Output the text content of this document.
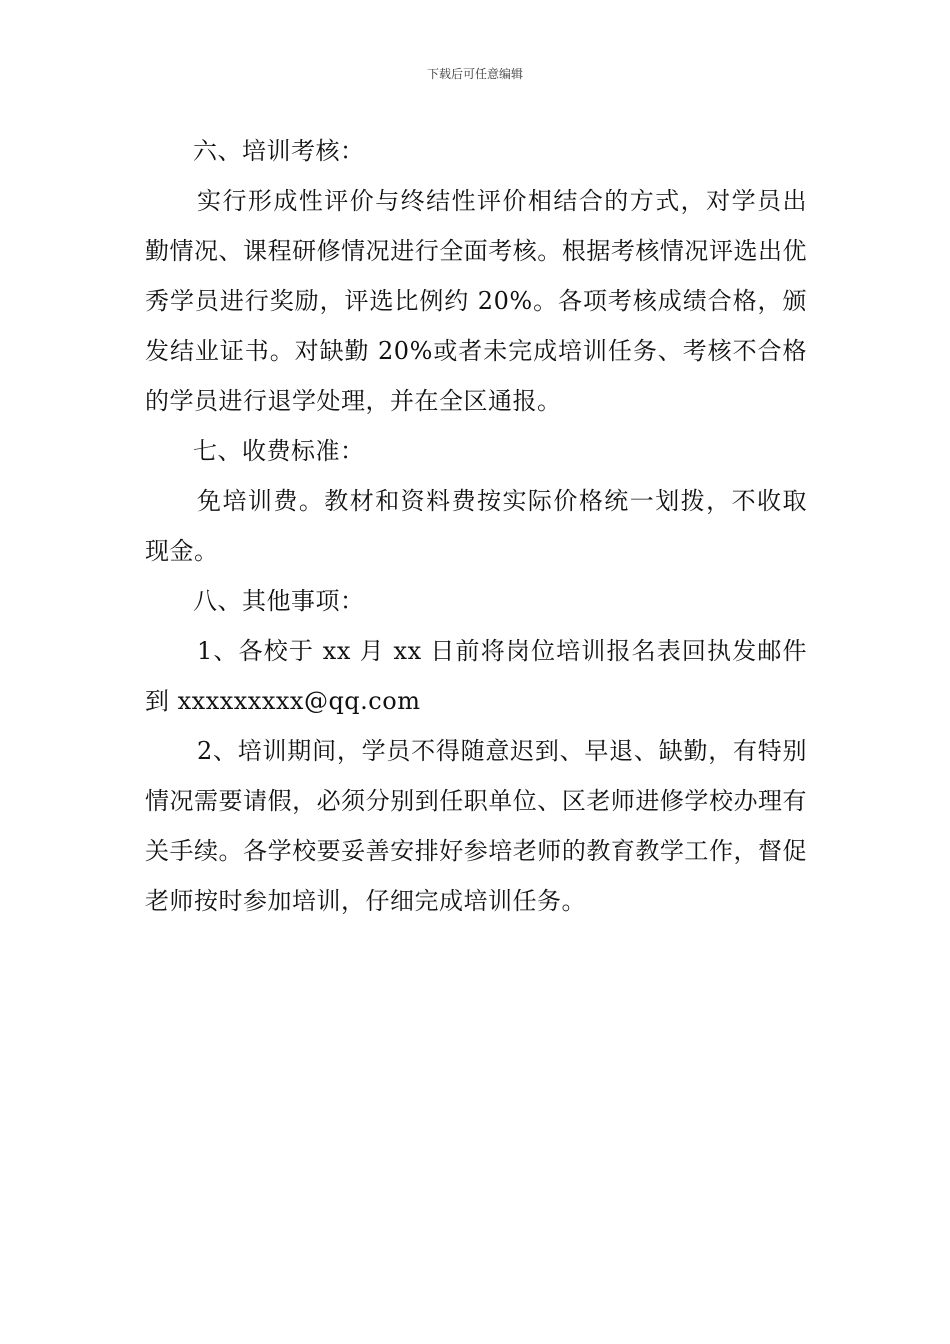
下载后可任意编辑

六、培训考核：

实行形成性评价与终结性评价相结合的方式，对学员出勤情况、课程研修情况进行全面考核。根据考核情况评选出优秀学员进行奖励，评选比例约 20%。各项考核成绩合格，颁发结业证书。对缺勤 20%或者未完成培训任务、考核不合格的学员进行退学处理，并在全区通报。

七、收费标准：

免培训费。教材和资料费按实际价格统一划拨，不收取现金。

八、其他事项：

1、各校于 xx 月 xx 日前将岗位培训报名表回执发邮件到 xxxxxxxxx@qq.com

2、培训期间，学员不得随意迟到、早退、缺勤，有特别情况需要请假，必须分别到任职单位、区老师进修学校办理有关手续。各学校要妥善安排好参培老师的教育教学工作，督促老师按时参加培训，仔细完成培训任务。
